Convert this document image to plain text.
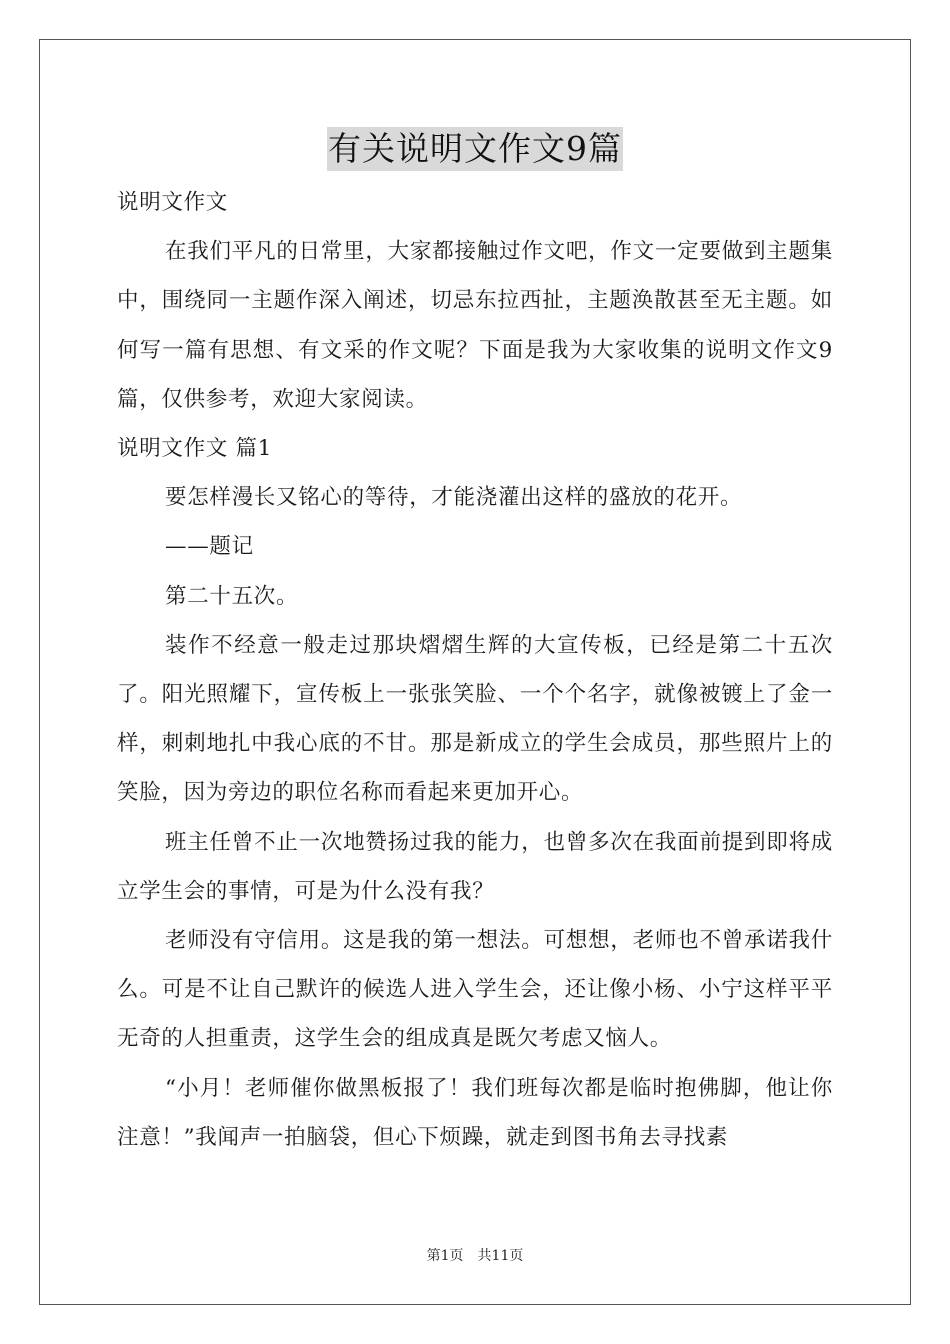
有关说明文作文9篇

说明文作文

在我们平凡的日常里，大家都接触过作文吧，作文一定要做到主题集中，围绕同一主题作深入阐述，切忌东拉西扯，主题涣散甚至无主题。如何写一篇有思想、有文采的作文呢？下面是我为大家收集的说明文作文9篇，仅供参考，欢迎大家阅读。

说明文作文 篇1

要怎样漫长又铭心的等待，才能浇灌出这样的盛放的花开。

——题记

第二十五次。

装作不经意一般走过那块熠熠生辉的大宣传板，已经是第二十五次了。阳光照耀下，宣传板上一张张笑脸、一个个名字，就像被镀上了金一样，刺刺地扎中我心底的不甘。那是新成立的学生会成员，那些照片上的笑脸，因为旁边的职位名称而看起来更加开心。

班主任曾不止一次地赞扬过我的能力，也曾多次在我面前提到即将成立学生会的事情，可是为什么没有我？

老师没有守信用。这是我的第一想法。可想想，老师也不曾承诺我什么。可是不让自己默许的候选人进入学生会，还让像小杨、小宁这样平平无奇的人担重责，这学生会的组成真是既欠考虑又恼人。

“小月！老师催你做黑板报了！我们班每次都是临时抱佛脚，他让你注意！”我闻声一拍脑袋，但心下烦躁，就走到图书角去寻找素

第1页 共11页
